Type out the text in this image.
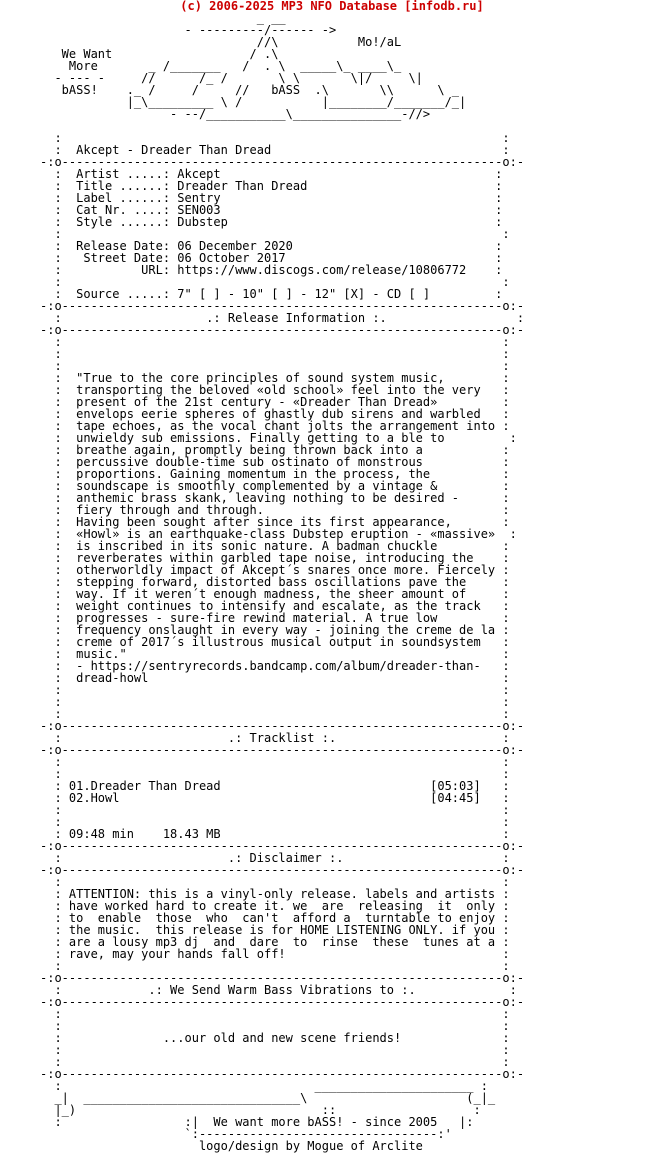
(c) 2006-2025 MP3 NFO Database [infodb.ru]
_ __
- ---------/------ ->
//\           Mo!/aL
We Want                   / .\
More       _ /_______   /  . \  _____\_ ____\_
- --- -     //      /_ /       \ \       \|/     \|
bASS!    ._ /     /     //   bASS  .\       \\      \ _
|_\_________ \ /           |________/_______/_|
- --/___________\_______________-//>
:                                                             :
:  Akcept - Dreader Than Dread                                :
-:o-------------------------------------------------------------o:-
:  Artist .....: Akcept                                      :
:  Title ......: Dreader Than Dread                          :
:  Label ......: Sentry                                      :
:  Cat Nr. ....: SEN003                                      :
:  Style ......: Dubstep                                     :
:                                                             :
:  Release Date: 06 December 2020                            :
:   Street Date: 06 October 2017                             :
:           URL: https://www.discogs.com/release/10806772    :
:                                                             :
:  Source .....: 7" [ ] - 10" [ ] - 12" [X] - CD [ ]         :
-:o-------------------------------------------------------------o:-
:                    .: Release Information :.                  :
-:o-------------------------------------------------------------o:-
:                                                             :
:                                                             :
:                                                             :
:  "True to the core principles of sound system music,        :
:  transporting the beloved «old school» feel into the very   :
:  present of the 21st century - «Dreader Than Dread»         :
:  envelops eerie spheres of ghastly dub sirens and warbled   :
:  tape echoes, as the vocal chant jolts the arrangement into :
:  unwieldy sub emissions. Finally getting to a ble to         :
:  breathe again, promptly being thrown back into a           :
:  percussive double-time sub ostinato of monstrous           :
:  proportions. Gaining momentum in the process, the          :
:  soundscape is smoothly complemented by a vintage &         :
:  anthemic brass skank, leaving nothing to be desired -      :
:  fiery through and through.                                 :
:  Having been sought after since its first appearance,       :
:  «Howl» is an earthquake-class Dubstep eruption - «massive»  :
:  is inscribed in its sonic nature. A badman chuckle         :
:  reverberates within garbled tape noise, introducing the    :
:  otherworldly impact of Akcept´s snares once more. Fiercely :
:  stepping forward, distorted bass oscillations pave the     :
:  way. If it weren´t enough madness, the sheer amount of     :
:  weight continues to intensify and escalate, as the track   :
:  progresses - sure-fire rewind material. A true low         :
:  frequency onslaught in every way - joining the creme de la :
:  creme of 2017´s illustrous musical output in soundsystem   :
:  music."                                                    :
:  - https://sentryrecords.bandcamp.com/album/dreader-than-   :
:  dread-howl                                                 :
:                                                             :
:                                                             :
:                                                             :
-:o-------------------------------------------------------------o:-
:                       .: Tracklist :.                       :
-:o-------------------------------------------------------------o:-
:                                                             :
:                                                             :
: 01.Dreader Than Dread                             [05:03]   :
: 02.Howl                                           [04:45]   :
:                                                             :
:                                                             :
: 09:48 min    18.43 MB                                       :
-:o-------------------------------------------------------------o:-
:                       .: Disclaimer :.                      :
-:o-------------------------------------------------------------o:-
:                                                             :
: ATTENTION: this is a vinyl-only release. labels and artists :
: have worked hard to create it. we  are  releasing  it  only :
: to  enable  those  who  can't  afford a  turntable to enjoy :
: the music.  this release is for HOME LISTENING ONLY. if you :
: are a lousy mp3 dj  and  dare  to  rinse  these  tunes at a :
: rave, may your hands fall off!                              :
:                                                             :
-:o-------------------------------------------------------------o:-
:            .: We Send Warm Bass Vibrations to :.             :
-:o-------------------------------------------------------------o:-
:                                                             :
:                                                             :
:              ...our old and new scene friends!              :
:                                                             :
:                                                             :
-:o-------------------------------------------------------------o:-
:                                   ______________________ :
_|  ______________________________\                      (_|_
|_)                                  ::                   :
:                 :|  We want more bASS! - since 2005   |:
`:---------------------------------:'
logo/design by Mogue of Arclite
